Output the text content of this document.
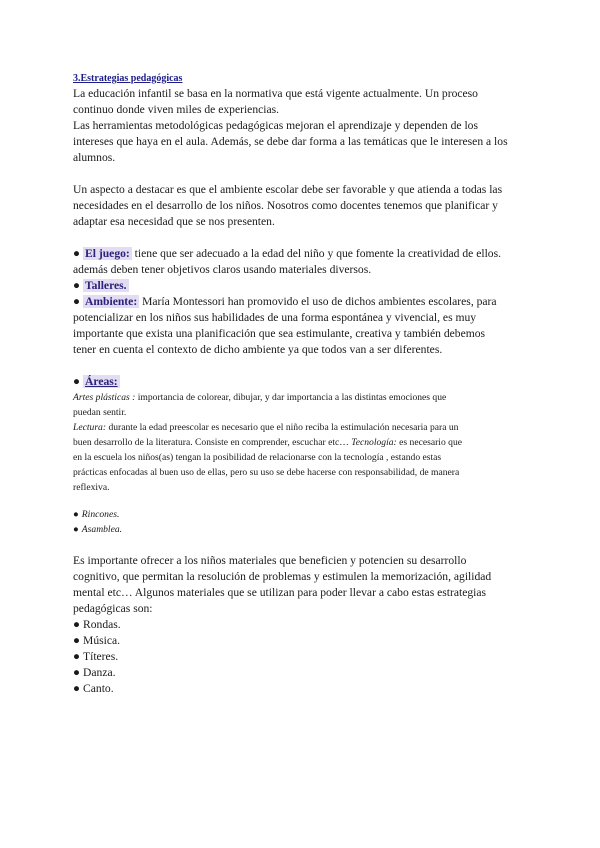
3.Estrategias pedagógicas
La educación infantil se basa en la normativa que está vigente actualmente. Un proceso
continuo donde viven miles de experiencias.
Las herramientas metodológicas pedagógicas mejoran el aprendizaje y dependen de los
intereses que haya en el aula. Además, se debe dar forma a las temáticas que le interesen a los
alumnos.
Un aspecto a destacar es que el ambiente escolar debe ser favorable y que atienda a todas las
necesidades en el desarrollo de los niños. Nosotros como docentes tenemos que planificar y
adaptar esa necesidad que se nos presenten.
● El juego: tiene que ser adecuado a la edad del niño y que fomente la creatividad de ellos.
además deben tener objetivos claros usando materiales diversos.
● Talleres.
● Ambiente: María Montessori han promovido el uso de dichos ambientes escolares, para
potencializar en los niños sus habilidades de una forma espontánea y vivencial, es muy
importante que exista una planificación que sea estimulante, creativa y también debemos
tener en cuenta el contexto de dicho ambiente ya que todos van a ser diferentes.
● Áreas:
Artes plásticas : importancia de colorear, dibujar, y dar importancia a las distintas emociones que
puedan sentir.
Lectura: durante la edad preescolar es necesario que el niño reciba la estimulación necesaria para un
buen desarrollo de la literatura. Consiste en comprender, escuchar etc… Tecnología: es necesario que
en la escuela los niños(as) tengan la posibilidad de relacionarse con la tecnología , estando estas
prácticas enfocadas al buen uso de ellas, pero su uso se debe hacerse con responsabilidad, de manera
reflexiva.
● Rincones.
● Asamblea.
Es importante ofrecer a los niños materiales que beneficien y potencien su desarrollo
cognitivo, que permitan la resolución de problemas y estimulen la memorización, agilidad
mental etc… Algunos materiales que se utilizan para poder llevar a cabo estas estrategias
pedagógicas son:
● Rondas.
● Música.
● Títeres.
● Danza.
● Canto.
